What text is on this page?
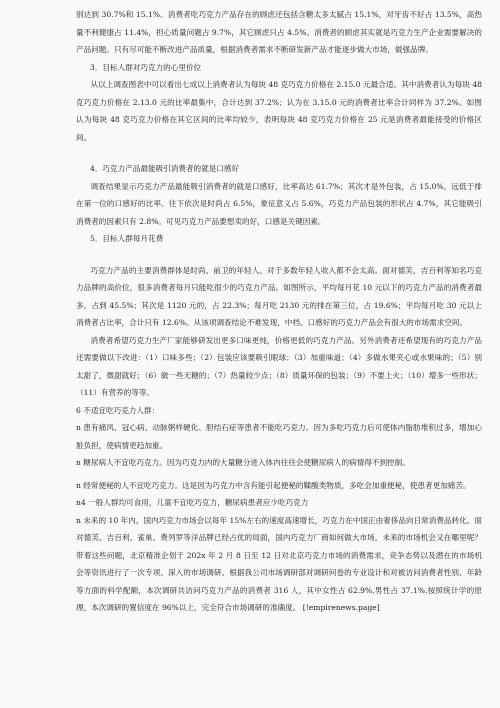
别达到 30.7%和 15.1%。消费者吃巧克力产品存在的顾虑还包括含糖太多太腻占 15.1%，对牙齿不好占 13.5%，高热量不利健康占 11.4%，担心质量问题占 9.7%，其它顾虑只占 4.5%。消费者的顾虑其实就是巧克力生产企业需要解决的产品问题。只有尽可能不断改进产品质量，根据消费者需求不断研发新产品才能逐步做大市场，做强品牌。

3．目标人群对巧克力的心里价位

从以上调查图表中可以看出七成以上消费者认为每块 48 克巧克力价格在 2.15.0 元最合适。其中消费者认为每块 48 克巧克力价格在 2.13.0 元的比率最集中，合计达到 37.2%；认为在 3.15.0 元的消费者比率合计同样为 37.2%。如图认为每块 48 克巧克力价格在其它区间的比率均较少，表明每块 48 克巧克力价格在 25 元是消费者最能接受的价格区间。

4．巧克力产品最能吸引消费者的就是口感好

调查结果显示巧克力产品最能吸引消费者的就是口感好，比率高达 61.7%；其次才是外包装，占 15.0%，远低于排在第一位的口感好的比率。往下依次是时尚占 6.5%，象征意义占 5.6%，巧克力产品包装的形状占 4.7%，其它能吸引消费者的因素只有 2.8%。可见巧克力产品要想卖的好，口感是关键因素。

5．目标人群每月花费

巧克力产品的主要消费群体是时尚、前卫的年轻人。对于多数年轻人收入都不会太高。面对德芙、吉百利等知名巧克力品牌的高价位，很多消费者每月只能吃很少的巧克力产品。如图所示，平均每月花 10 元以下的巧克力产品的消费者最多，占到 45.5%；其次是 1120 元的，占 22.3%；每月吃 2130 元的排在第三位，占 19.6%；平均每月吃 30 元以上消费者占比率，合计只有 12.6%。从该项调查结论不难发现，中档、口感好的巧克力产品会有很大的市场需求空间。

消费者希望巧克力生产厂家能够研发出更多口味更纯，价格更低的巧克力产品。另外消费者还希望现有的巧克力产品还需要做以下改进：（1）口味多些；（2）包装应该要吸引眼球；（3）加重味道；（4）多做水果夹心或水果味的；（5）别太甜了，微甜就好；（6）做一些无糖的；（7）热量较少点；（8）质量环保的包装；（9）不要上火；（10）增多一些形状；（11）有营养的等等。

6 不适宜吃巧克力人群：

n 患有痛风、冠心病、动脉粥样硬化、胆结石症等患者不能吃巧克力。因为多吃巧克力后可使体内脂肪堆积过多，增加心脏负担，使病情更趋加重。

n 糖尿病人不宜吃巧克力。因为巧克力内的大量糖分进入体内往往会使糖尿病人的病情得不到控制。

n 经常便秘的人不宜吃巧克力。这是因为巧克力中含有能引起便秘的鞣酸类物质，多吃会加重便秘，使患者更加痛苦。

n4 一般人群均可食用，儿童不宜吃巧克力，糖尿病患者应少吃巧克力

n 未来的 10 年内，国内巧克力市场会以每年 15%左右的速度高速增长，巧克力在中国正由奢侈品向日常消费品转化。面对德芙、吉百利、雀巢、费列罗等洋品牌已经占优的局面，国内巧克力厂商如何做大市场，未来的市场机会又在哪里呢？带着这些问题，北京精准企划于 202x 年 2 月 8 日至 12 日对北京巧克力市场的消费需求，竞争态势以及潜在的市场机会等资讯进行了一次专项、深入的市场调研。根据我公司市场调研部对调研问卷的专业设计和对被访问消费者性别、年龄等方面的科学配额，本次调研共访问巧克力产品的消费者 316 人，其中女性占 62.9%,男性占 37.1%.按照统计学的原理，本次调研的置信度在 96%以上，完全符合市场调研的准确度。 [!empirenews.page]
